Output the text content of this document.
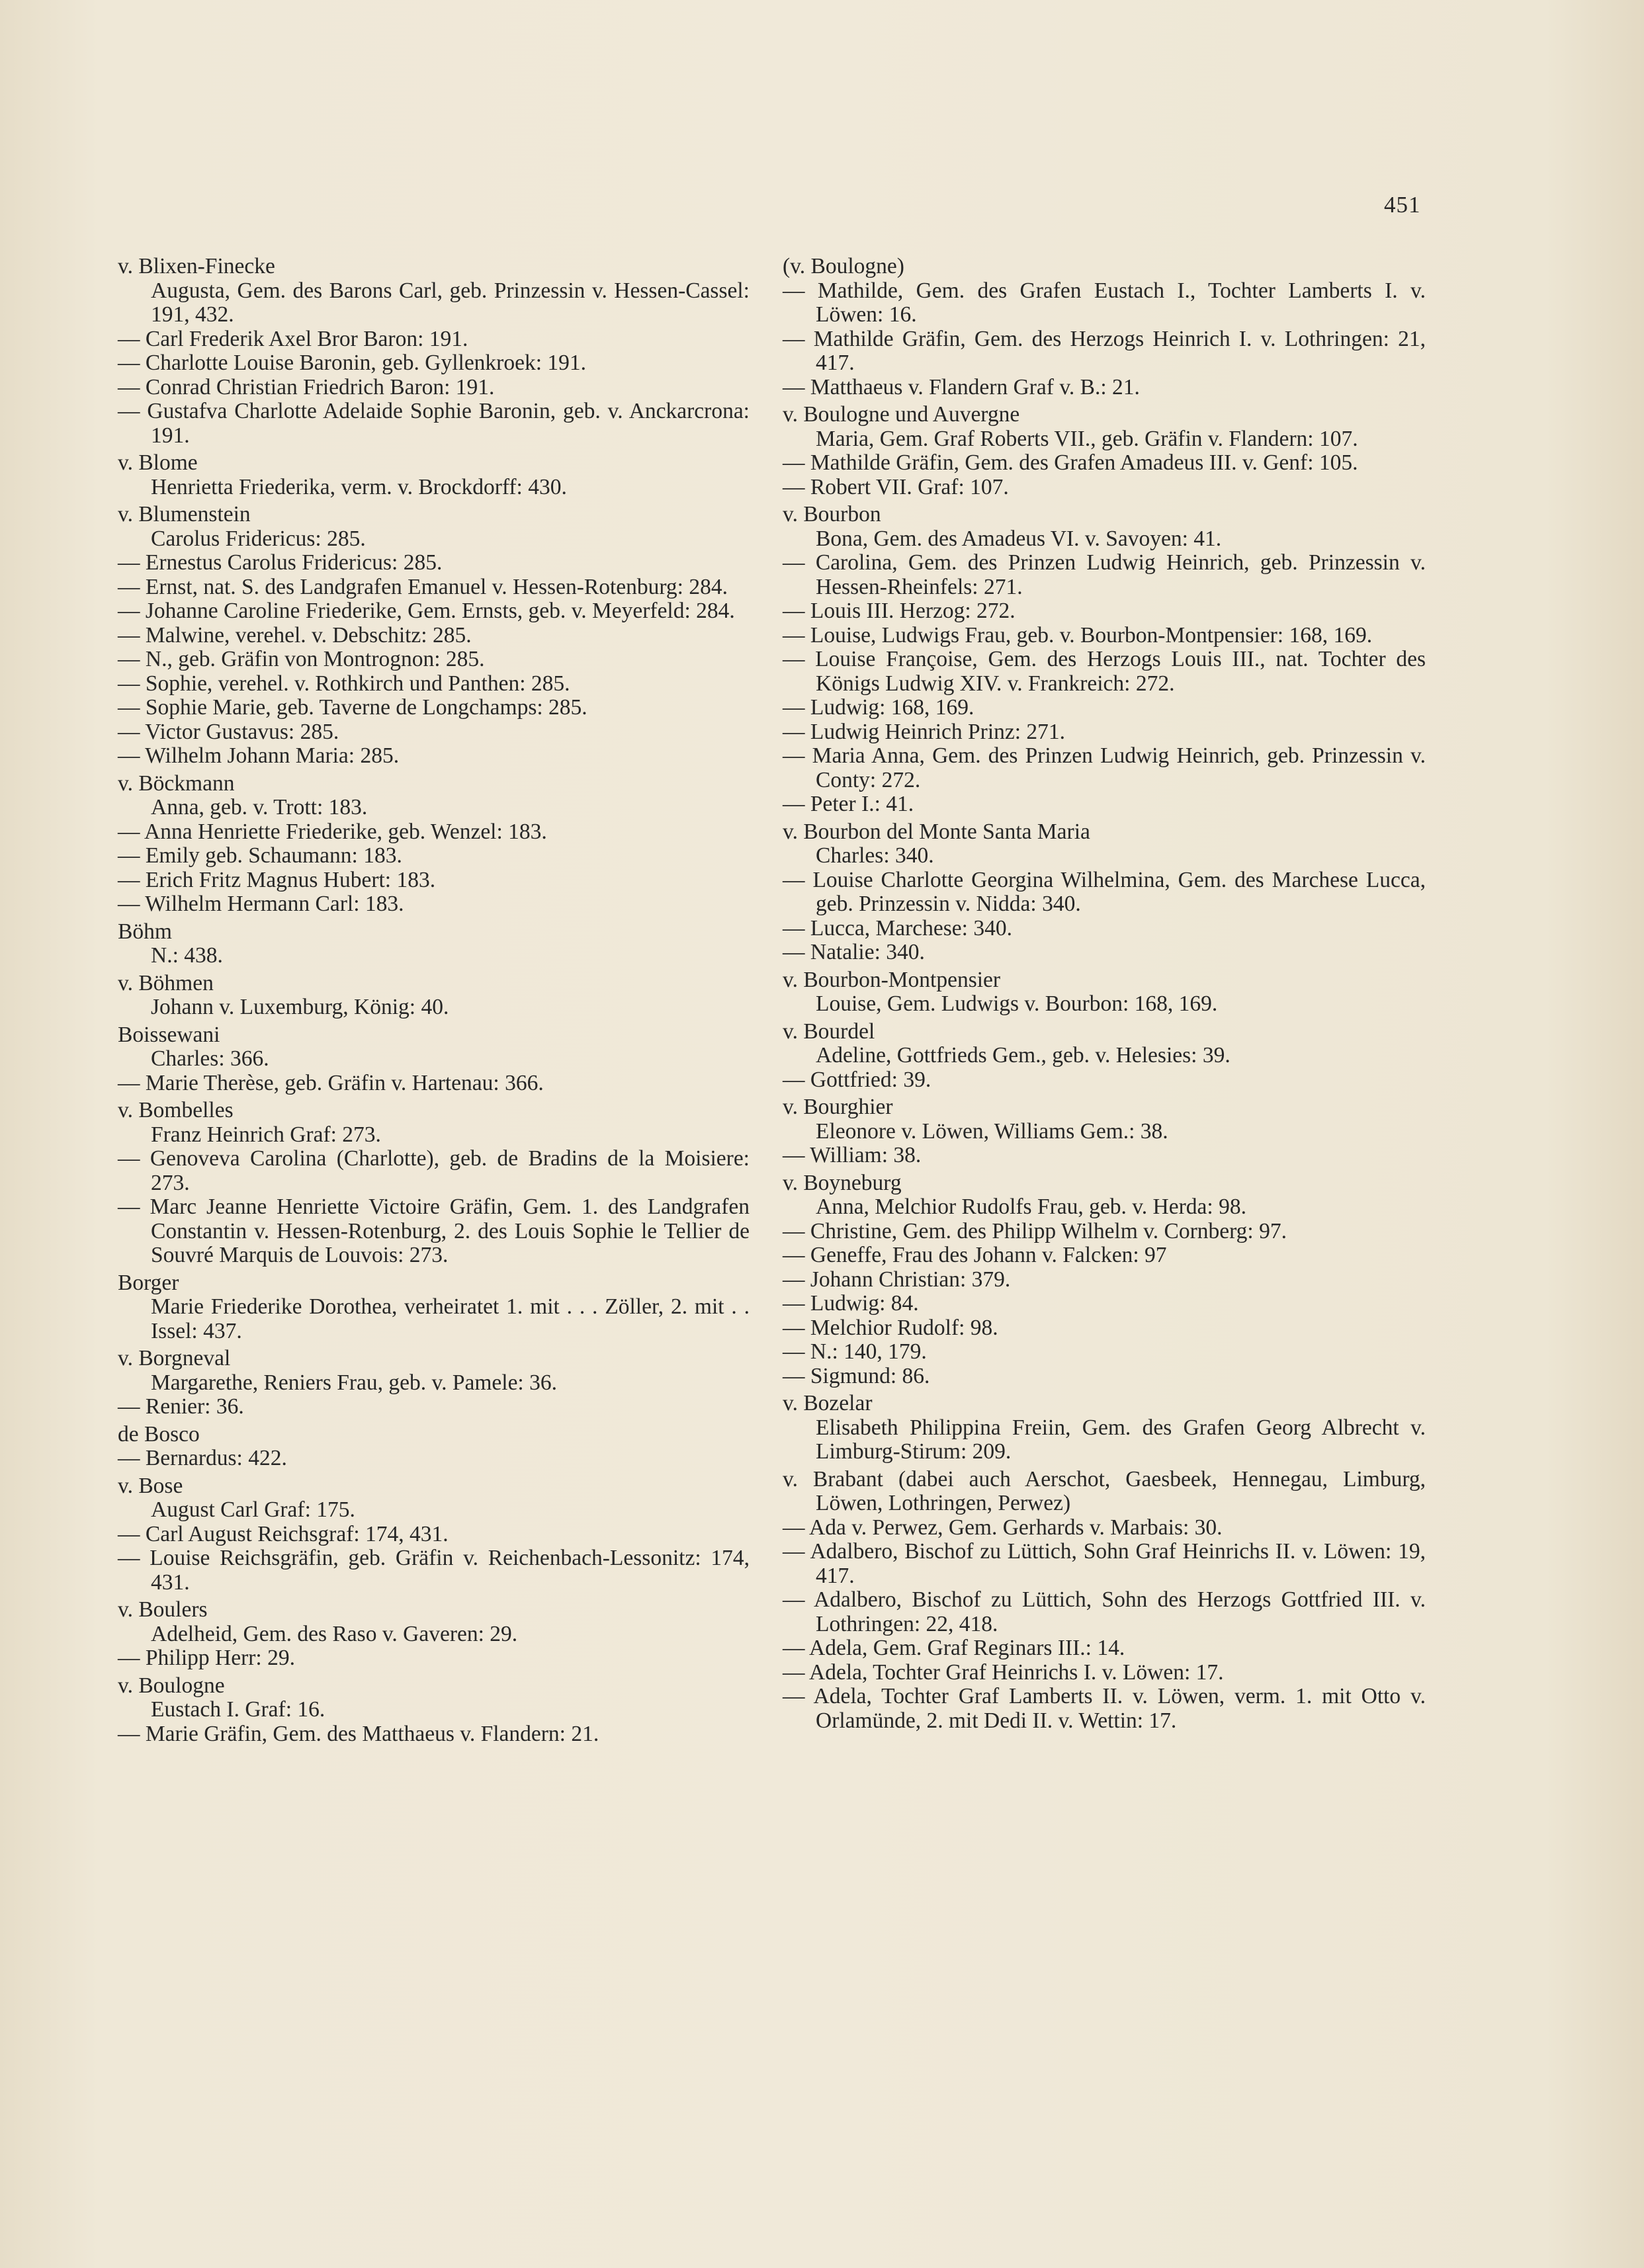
451
v. Blixen-Finecke
Augusta, Gem. des Barons Carl, geb. Prinzessin v. Hessen-Cassel: 191, 432.
— Carl Frederik Axel Bror Baron: 191.
— Charlotte Louise Baronin, geb. Gyllenkroek: 191.
— Conrad Christian Friedrich Baron: 191.
— Gustafva Charlotte Adelaide Sophie Baronin, geb. v. Anckarcrona: 191.
v. Blome
Henrietta Friederika, verm. v. Brockdorff: 430.
v. Blumenstein
Carolus Fridericus: 285.
— Ernestus Carolus Fridericus: 285.
— Ernst, nat. S. des Landgrafen Emanuel v. Hessen-Rotenburg: 284.
— Johanne Caroline Friederike, Gem. Ernsts, geb. v. Meyerfeld: 284.
— Malwine, verehel. v. Debschitz: 285.
— N., geb. Gräfin von Montrognon: 285.
— Sophie, verehel. v. Rothkirch und Panthen: 285.
— Sophie Marie, geb. Taverne de Longchamps: 285.
— Victor Gustavus: 285.
— Wilhelm Johann Maria: 285.
v. Böckmann
Anna, geb. v. Trott: 183.
— Anna Henriette Friederike, geb. Wenzel: 183.
— Emily geb. Schaumann: 183.
— Erich Fritz Magnus Hubert: 183.
— Wilhelm Hermann Carl: 183.
Böhm
N.: 438.
v. Böhmen
Johann v. Luxemburg, König: 40.
Boissewani
Charles: 366.
— Marie Therèse, geb. Gräfin v. Hartenau: 366.
v. Bombelles
Franz Heinrich Graf: 273.
— Genoveva Carolina (Charlotte), geb. de Bradins de la Moisiere: 273.
— Marc Jeanne Henriette Victoire Gräfin, Gem. 1. des Landgrafen Constantin v. Hessen-Rotenburg, 2. des Louis Sophie le Tellier de Souvré Marquis de Louvois: 273.
Borger
Marie Friederike Dorothea, verheiratet 1. mit . . . Zöller, 2. mit . . Issel: 437.
v. Borgneval
Margarethe, Reniers Frau, geb. v. Pamele: 36.
— Renier: 36.
de Bosco
— Bernardus: 422.
v. Bose
August Carl Graf: 175.
— Carl August Reichsgraf: 174, 431.
— Louise Reichsgräfin, geb. Gräfin v. Reichenbach-Lessonitz: 174, 431.
v. Boulers
Adelheid, Gem. des Raso v. Gaveren: 29.
— Philipp Herr: 29.
v. Boulogne
Eustach I. Graf: 16.
— Marie Gräfin, Gem. des Matthaeus v. Flandern: 21.
(v. Boulogne)
— Mathilde, Gem. des Grafen Eustach I., Tochter Lamberts I. v. Löwen: 16.
— Mathilde Gräfin, Gem. des Herzogs Heinrich I. v. Lothringen: 21, 417.
— Matthaeus v. Flandern Graf v. B.: 21.
v. Boulogne und Auvergne
Maria, Gem. Graf Roberts VII., geb. Gräfin v. Flandern: 107.
— Mathilde Gräfin, Gem. des Grafen Amadeus III. v. Genf: 105.
— Robert VII. Graf: 107.
v. Bourbon
Bona, Gem. des Amadeus VI. v. Savoyen: 41.
— Carolina, Gem. des Prinzen Ludwig Heinrich, geb. Prinzessin v. Hessen-Rheinfels: 271.
— Louis III. Herzog: 272.
— Louise, Ludwigs Frau, geb. v. Bourbon-Montpensier: 168, 169.
— Louise Françoise, Gem. des Herzogs Louis III., nat. Tochter des Königs Ludwig XIV. v. Frankreich: 272.
— Ludwig: 168, 169.
— Ludwig Heinrich Prinz: 271.
— Maria Anna, Gem. des Prinzen Ludwig Heinrich, geb. Prinzessin v. Conty: 272.
— Peter I.: 41.
v. Bourbon del Monte Santa Maria
Charles: 340.
— Louise Charlotte Georgina Wilhelmina, Gem. des Marchese Lucca, geb. Prinzessin v. Nidda: 340.
— Lucca, Marchese: 340.
— Natalie: 340.
v. Bourbon-Montpensier
Louise, Gem. Ludwigs v. Bourbon: 168, 169.
v. Bourdel
Adeline, Gottfrieds Gem., geb. v. Helesies: 39.
— Gottfried: 39.
v. Bourghier
Eleonore v. Löwen, Williams Gem.: 38.
— William: 38.
v. Boyneburg
Anna, Melchior Rudolfs Frau, geb. v. Herda: 98.
— Christine, Gem. des Philipp Wilhelm v. Cornberg: 97.
— Geneffe, Frau des Johann v. Falcken: 97
— Johann Christian: 379.
— Ludwig: 84.
— Melchior Rudolf: 98.
— N.: 140, 179.
— Sigmund: 86.
v. Bozelar
Elisabeth Philippina Freiin, Gem. des Grafen Georg Albrecht v. Limburg-Stirum: 209.
v. Brabant (dabei auch Aerschot, Gaesbeek, Hennegau, Limburg, Löwen, Lothringen, Perwez)
— Ada v. Perwez, Gem. Gerhards v. Marbais: 30.
— Adalbero, Bischof zu Lüttich, Sohn Graf Heinrichs II. v. Löwen: 19, 417.
— Adalbero, Bischof zu Lüttich, Sohn des Herzogs Gottfried III. v. Lothringen: 22, 418.
— Adela, Gem. Graf Reginars III.: 14.
— Adela, Tochter Graf Heinrichs I. v. Löwen: 17.
— Adela, Tochter Graf Lamberts II. v. Löwen, verm. 1. mit Otto v. Orlamünde, 2. mit Dedi II. v. Wettin: 17.
